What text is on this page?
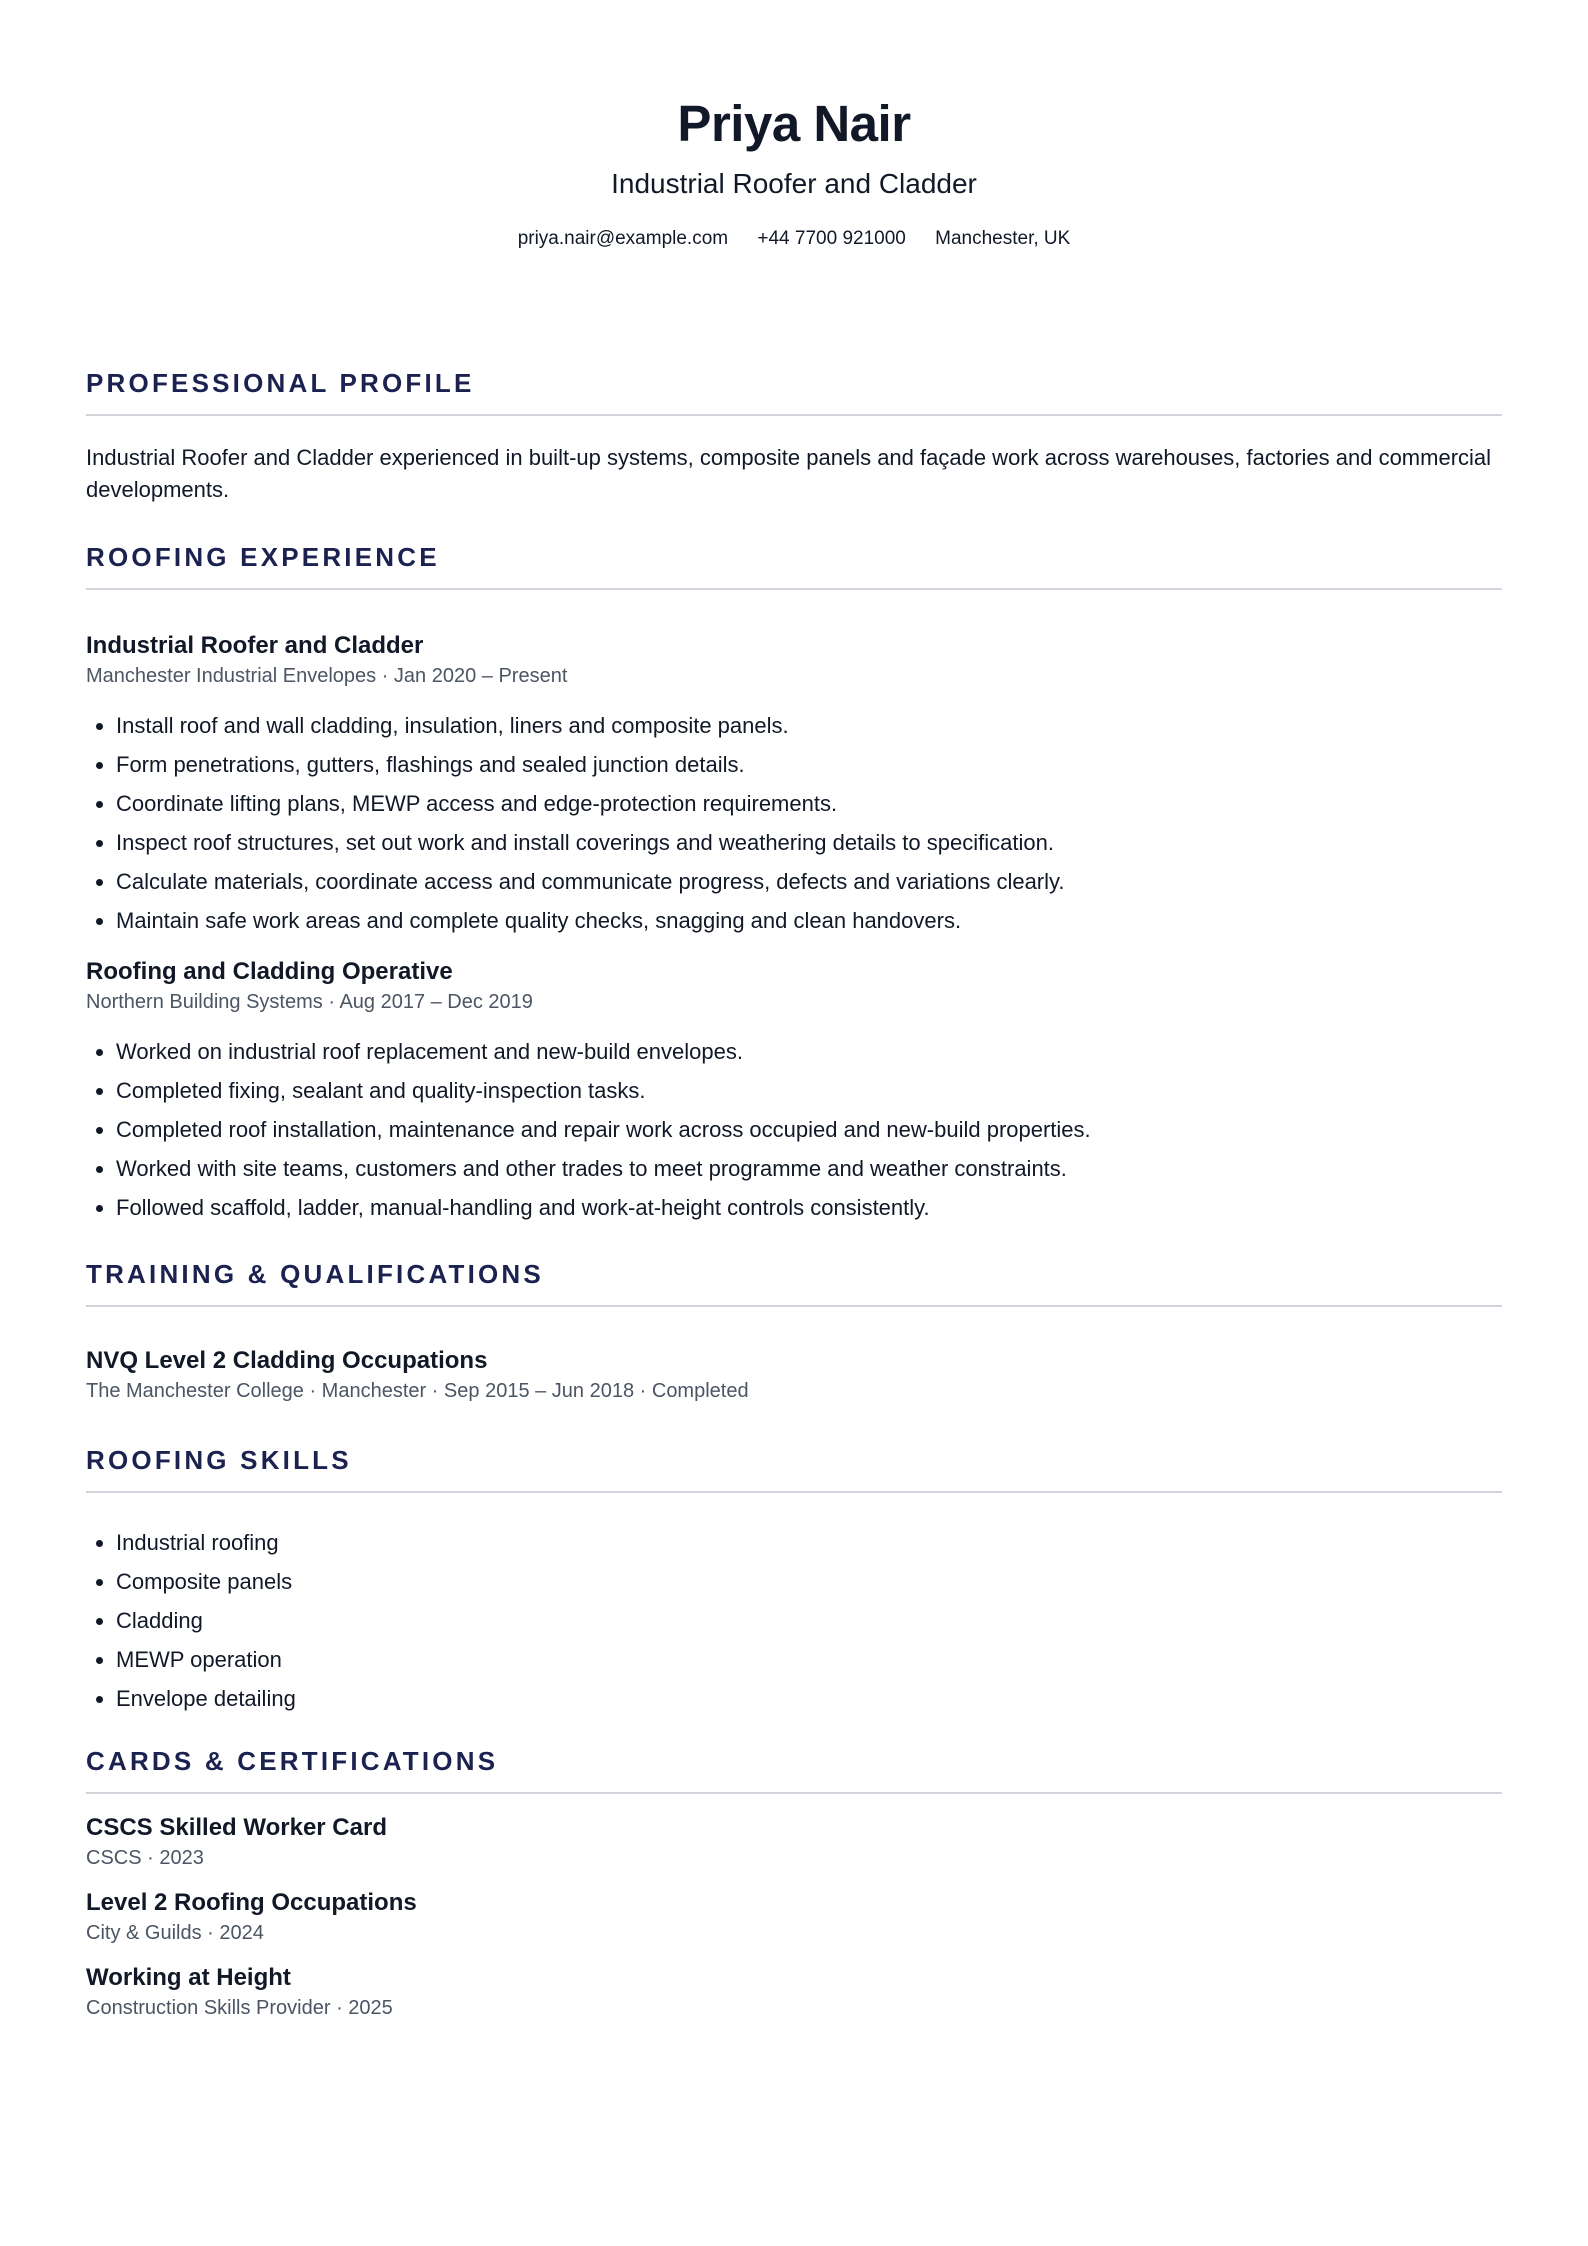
Priya Nair
Industrial Roofer and Cladder
priya.nair@example.com +44 7700 921000 Manchester, UK
PROFESSIONAL PROFILE

Industrial Roofer and Cladder experienced in built-up systems, composite panels and façade work across warehouses, factories and commercial developments.

ROOFING EXPERIENCE
Industrial Roofer and Cladder

Manchester Industrial Envelopes · Jan 2020 – Present

• Install roof and wall cladding, insulation, liners and composite panels.
• Form penetrations, gutters, flashings and sealed junction details.
• Coordinate lifting plans, MEWP access and edge-protection requirements.
• Inspect roof structures, set out work and install coverings and weathering details to specification.
• Calculate materials, coordinate access and communicate progress, defects and variations clearly.
• Maintain safe work areas and complete quality checks, snagging and clean handovers.
Roofing and Cladding Operative

Northern Building Systems · Aug 2017 – Dec 2019

• Worked on industrial roof replacement and new-build envelopes.
• Completed fixing, sealant and quality-inspection tasks.
• Completed roof installation, maintenance and repair work across occupied and new-build properties.
• Worked with site teams, customers and other trades to meet programme and weather constraints.
• Followed scaffold, ladder, manual-handling and work-at-height controls consistently.
TRAINING & QUALIFICATIONS
NVQ Level 2 Cladding Occupations

The Manchester College · Manchester · Sep 2015 – Jun 2018 · Completed

ROOFING SKILLS
• Industrial roofing
• Composite panels
• Cladding
• MEWP operation
• Envelope detailing
CARDS & CERTIFICATIONS
CSCS Skilled Worker Card

CSCS · 2023

Level 2 Roofing Occupations

City & Guilds · 2024

Working at Height

Construction Skills Provider · 2025
